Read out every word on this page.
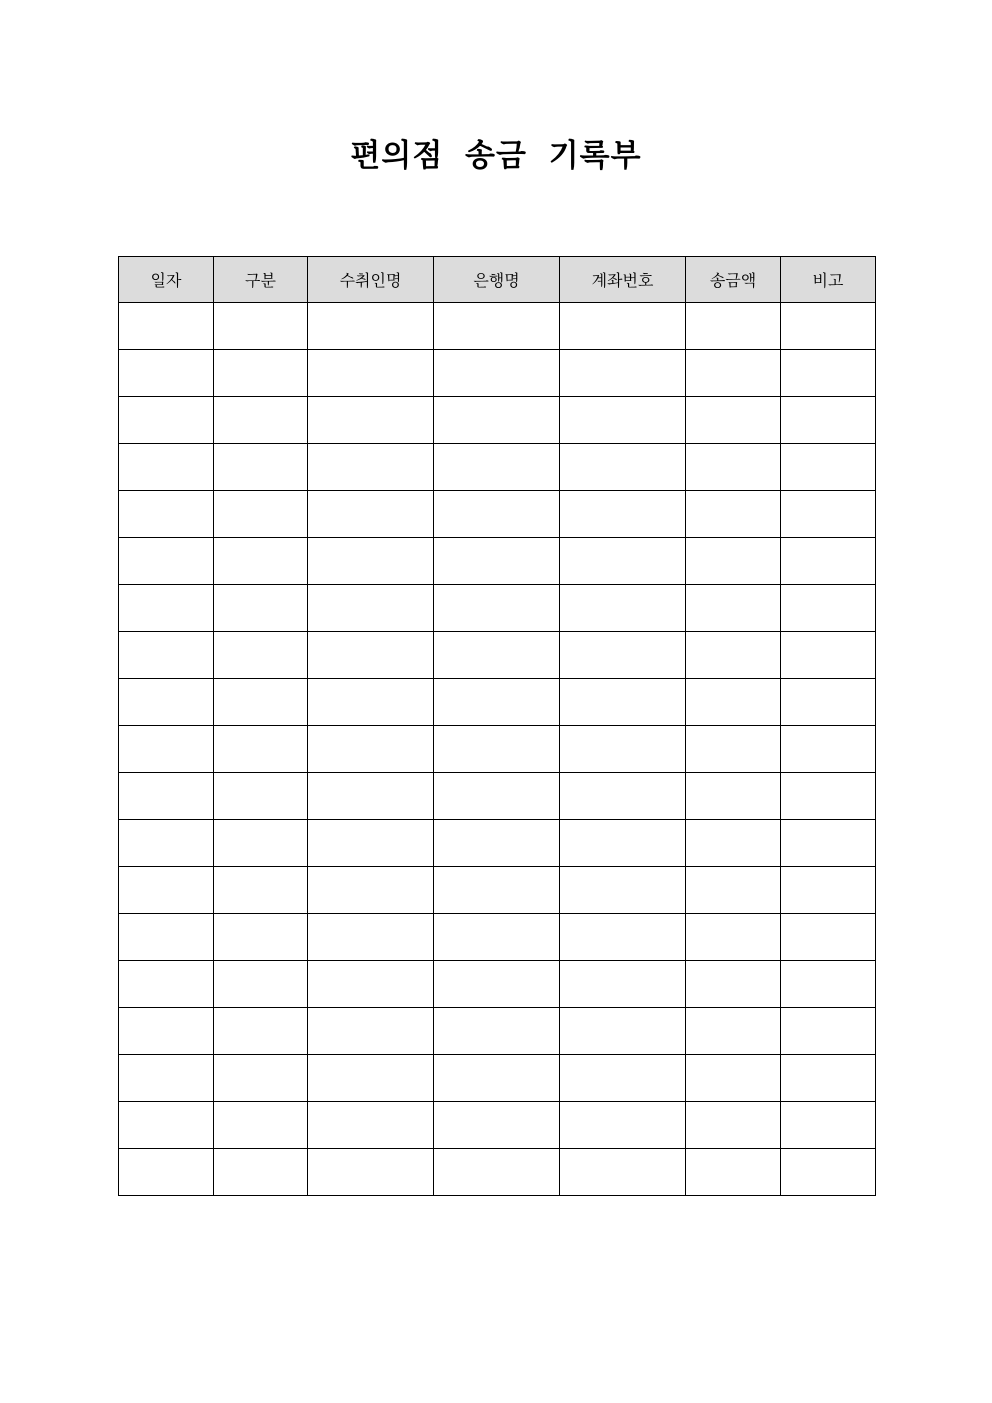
편의점 송금 기록부
일자	구분	수취인명	은행명	계좌번호	송금액	비고
